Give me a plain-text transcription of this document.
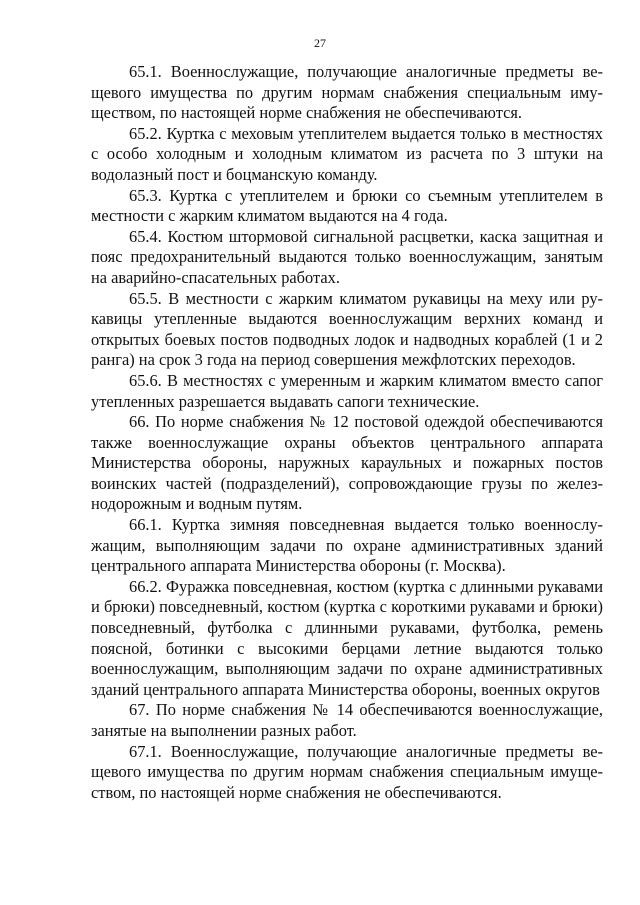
27

65.1. Военнослужащие, получающие аналогичные предметы вещевого имущества по другим нормам снабжения специальным имуществом, по настоящей норме снабжения не обеспечиваются.

65.2. Куртка с меховым утеплителем выдается только в местностях с особо холодным и холодным климатом из расчета по 3 штуки на водолазный пост и боцманскую команду.

65.3. Куртка с утеплителем и брюки со съемным утеплителем в местности с жарким климатом выдаются на 4 года.

65.4. Костюм штормовой сигнальной расцветки, каска защитная и пояс предохранительный выдаются только военнослужащим, занятым на аварийно-спасательных работах.

65.5. В местности с жарким климатом рукавицы на меху или рукавицы утепленные выдаются военнослужащим верхних команд и открытых боевых постов подводных лодок и надводных кораблей (1 и 2 ранга) на срок 3 года на период совершения межфлотских переходов.

65.6. В местностях с умеренным и жарким климатом вместо сапог утепленных разрешается выдавать сапоги технические.

66. По норме снабжения № 12 постовой одеждой обеспечиваются также военнослужащие охраны объектов центрального аппарата Министерства обороны, наружных караульных и пожарных постов воинских частей (подразделений), сопровождающие грузы по железнодорожным и водным путям.

66.1. Куртка зимняя повседневная выдается только военнослужащим, выполняющим задачи по охране административных зданий центрального аппарата Министерства обороны (г. Москва).

66.2. Фуражка повседневная, костюм (куртка с длинными рукавами и брюки) повседневный, костюм (куртка с короткими рукавами и брюки) повседневный, футболка с длинными рукавами, футболка, ремень поясной, ботинки с высокими берцами летние выдаются только военнослужащим, выполняющим задачи по охране административных зданий центрального аппарата Министерства обороны, военных округов

67. По норме снабжения № 14 обеспечиваются военнослужащие, занятые на выполнении разных работ.

67.1. Военнослужащие, получающие аналогичные предметы вещевого имущества по другим нормам снабжения специальным имуществом, по настоящей норме снабжения не обеспечиваются.
